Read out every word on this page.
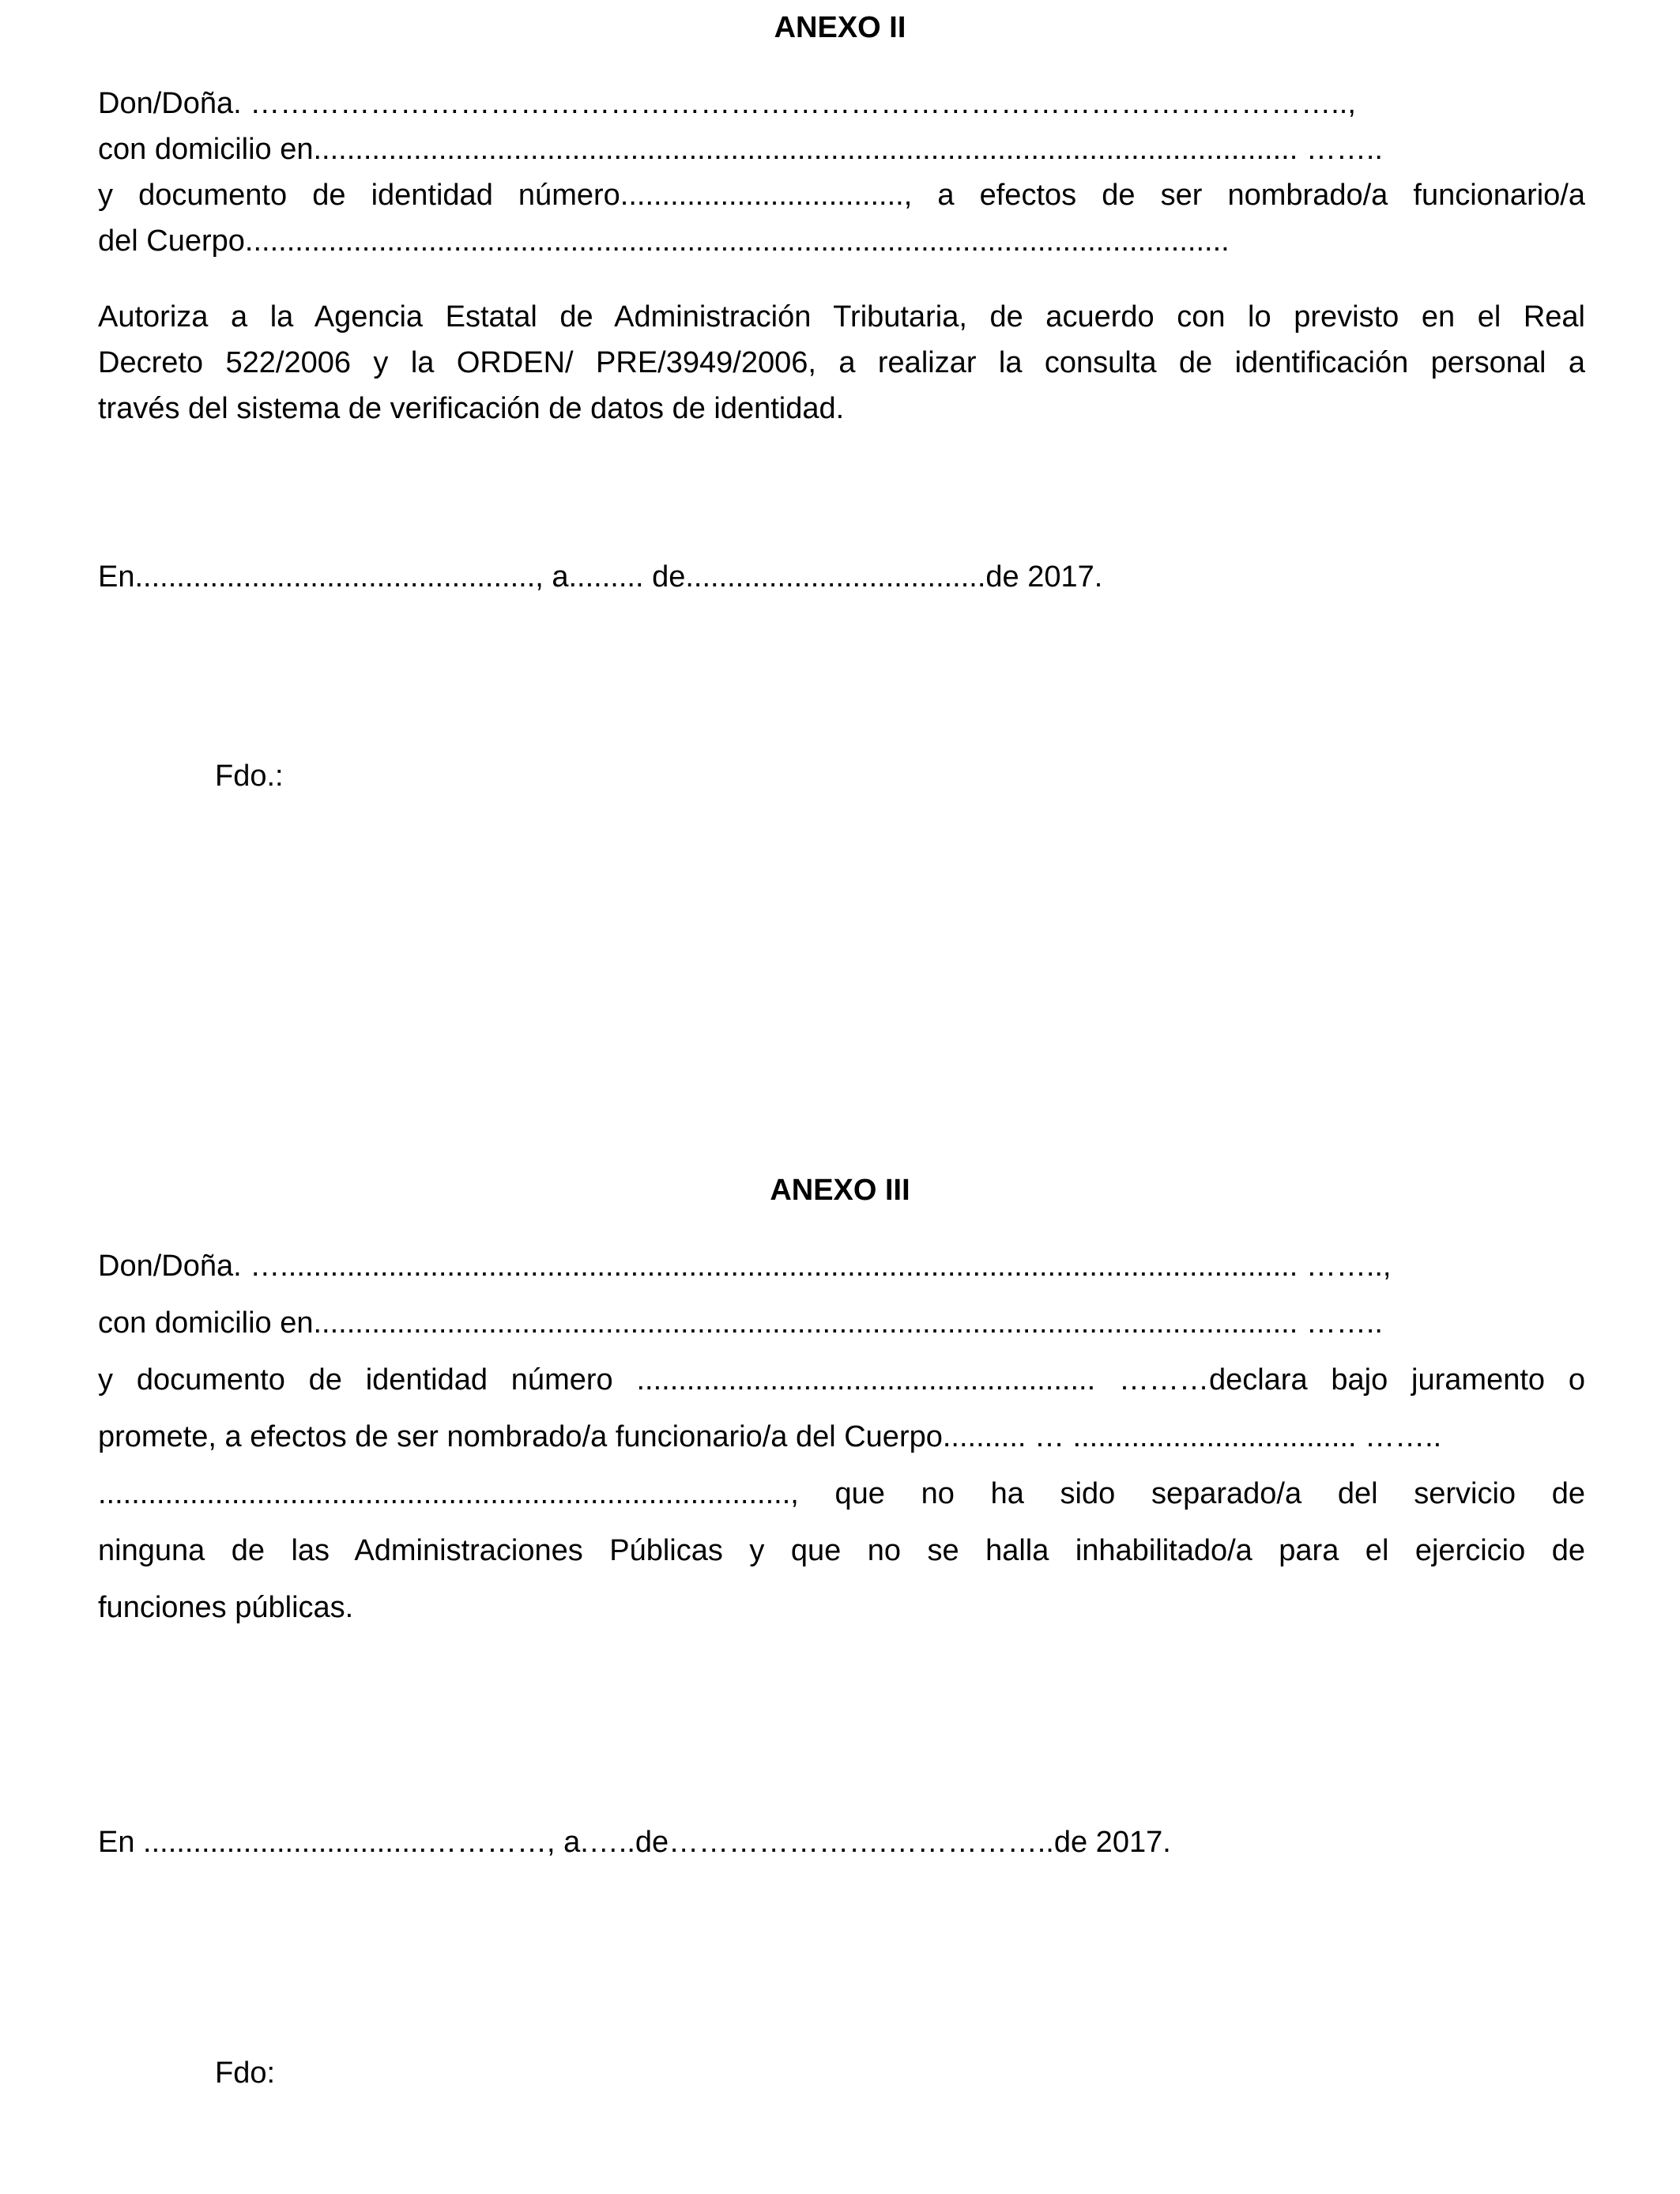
ANEXO II
Don/Doña. ………………………………………………………………………………………………..,
con domicilio en...................................................................................................................... ……..
y documento de identidad número.................................., a efectos de ser nombrado/a funcionario/a
del Cuerpo......................................................................................................................
Autoriza a la Agencia Estatal de Administración Tributaria, de acuerdo con lo previsto en el Real
Decreto 522/2006 y la ORDEN/ PRE/3949/2006, a realizar la consulta de identificación personal a
través del sistema de verificación de datos de identidad.
En................................................, a......... de....................................de 2017.
Fdo.:
ANEXO III
Don/Doña. ….......................................................................................................................... ……..,
con domicilio en...................................................................................................................... ……..
y documento de identidad número ....................................................... ………declara bajo juramento o
promete, a efectos de ser nombrado/a funcionario/a del Cuerpo.......... … .................................. ……..
..................................................................................., que no ha sido separado/a del servicio de
ninguna de las Administraciones Públicas y que no se halla inhabilitado/a para el ejercicio de
funciones públicas.
En ..................................…………, a.…..de………………….……………..de 2017.
Fdo:
